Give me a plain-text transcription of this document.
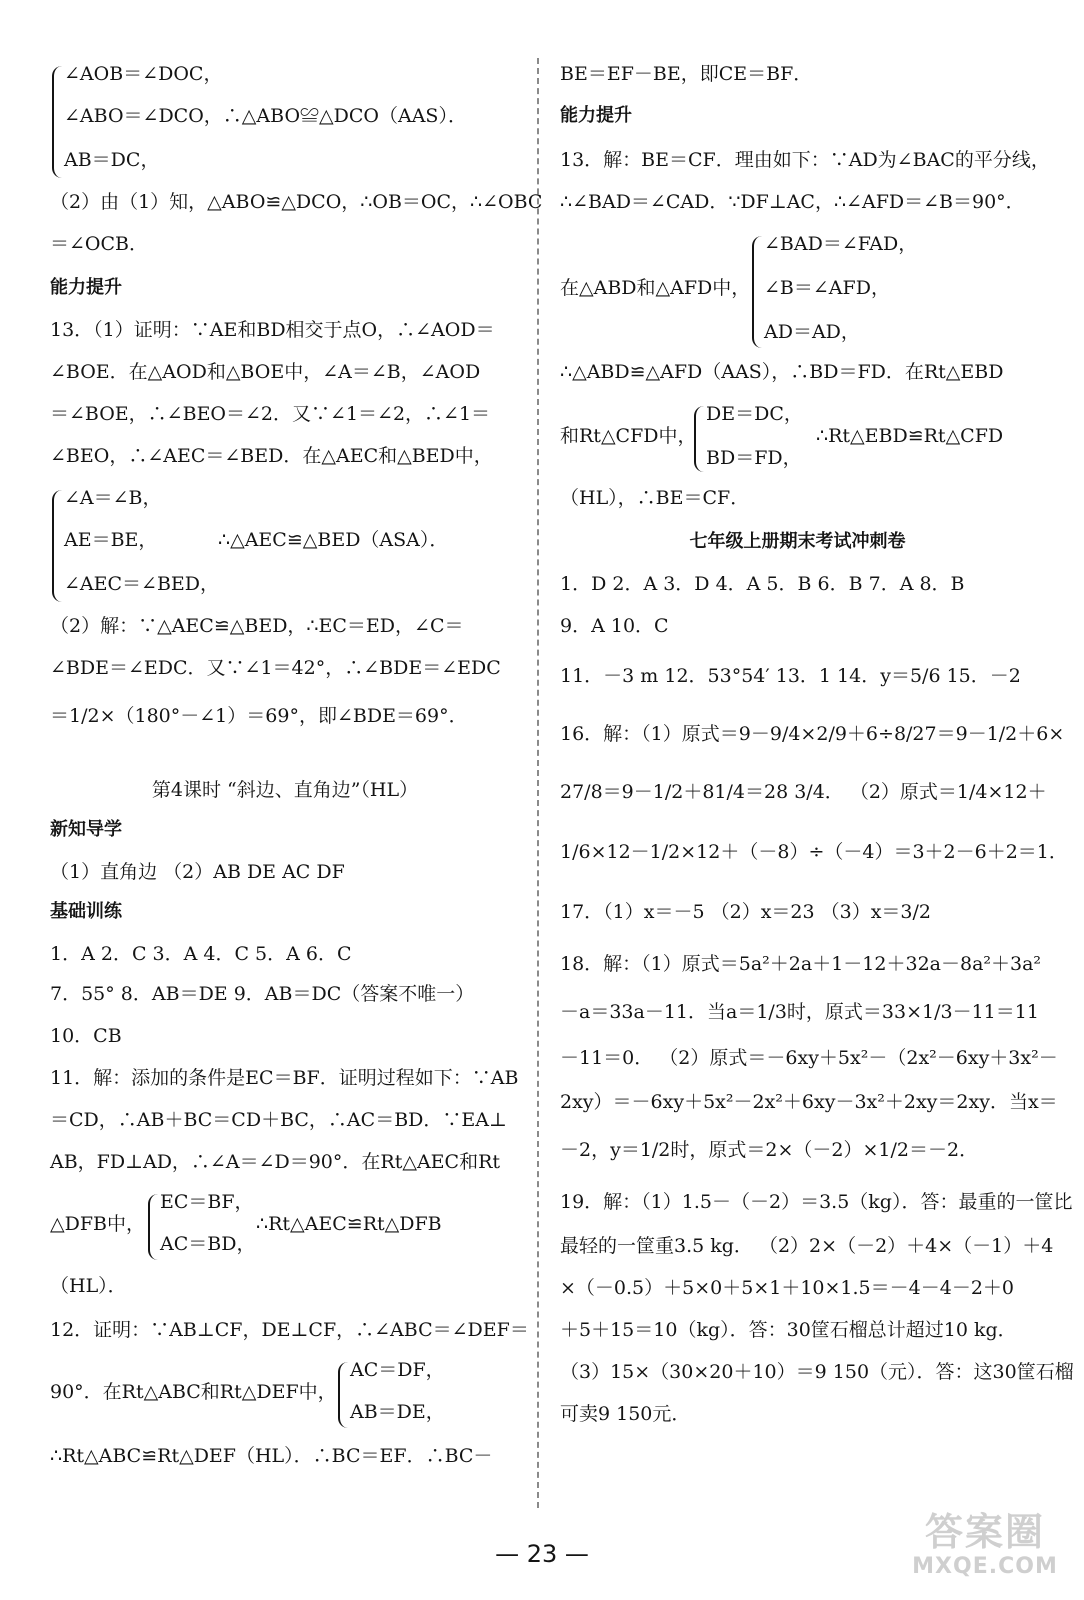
∠AOB＝∠DOC，
∠ABO＝∠DCO，∴△ABO≌△DCO（AAS）．
AB＝DC，
（2）由（1）知，△ABO≌△DCO，∴OB＝OC，∴∠OBC
＝∠OCB．
能力提升
13．（1）证明：∵AE和BD相交于点O，∴∠AOD＝
∠BOE．在△AOD和△BOE中，∠A＝∠B，∠AOD
＝∠BOE，∴∠BEO＝∠2．又∵∠1＝∠2，∴∠1＝
∠BEO，∴∠AEC＝∠BED．在△AEC和△BED中，
∠A＝∠B，
AE＝BE，
∠AEC＝∠BED，
∴△AEC≌△BED（ASA）．
（2）解：∵△AEC≌△BED，∴EC＝ED，∠C＝
∠BDE＝∠EDC．又∵∠1＝42°，∴∠BDE＝∠EDC
＝1/2×（180°－∠1）＝69°，即∠BDE＝69°．
第4课时 “斜边、直角边”（HL）
新知导学
（1）直角边 （2）AB DE AC DF
基础训练
1．A 2．C 3．A 4．C 5．A 6．C
7．55° 8．AB＝DE 9．AB＝DC（答案不唯一）
10．CB
11．解：添加的条件是EC＝BF．证明过程如下：∵AB
＝CD，∴AB＋BC＝CD＋BC，∴AC＝BD．∵EA⊥
AB，FD⊥AD，∴∠A＝∠D＝90°．在Rt△AEC和Rt
△DFB中，
EC＝BF，
AC＝BD，
∴Rt△AEC≌Rt△DFB
（HL）．
12．证明：∵AB⊥CF，DE⊥CF，∴∠ABC＝∠DEF＝
90°．在Rt△ABC和Rt△DEF中，
AC＝DF，
AB＝DE，
∴Rt△ABC≌Rt△DEF（HL）．∴BC＝EF．∴BC－
BE＝EF－BE，即CE＝BF．
能力提升
13．解：BE＝CF．理由如下：∵AD为∠BAC的平分线，
∴∠BAD＝∠CAD．∵DF⊥AC，∴∠AFD＝∠B＝90°．
在△ABD和△AFD中，
∠BAD＝∠FAD，
∠B＝∠AFD，
AD＝AD，
∴△ABD≌△AFD（AAS），∴BD＝FD．在Rt△EBD
和Rt△CFD中，
DE＝DC，
BD＝FD，
∴Rt△EBD≌Rt△CFD
（HL），∴BE＝CF．
七年级上册期末考试冲刺卷
1．D 2．A 3．D 4．A 5．B 6．B 7．A 8．B
9．A 10．C
11．－3 m 12．53°54′ 13．1 14．y＝5/6 15．－2
16．解：（1）原式＝9－9/4×2/9＋6÷8/27＝9－1/2＋6×
27/8＝9－1/2＋81/4＝28 3/4． （2）原式＝1/4×12＋
1/6×12－1/2×12＋（－8）÷（－4）＝3＋2－6＋2＝1．
17．（1）x＝－5 （2）x＝23 （3）x＝3/2
18．解：（1）原式＝5a²＋2a＋1－12＋32a－8a²＋3a²
－a＝33a－11．当a＝1/3时，原式＝33×1/3－11＝11
－11＝0． （2）原式＝－6xy＋5x²－（2x²－6xy＋3x²－
2xy）＝－6xy＋5x²－2x²＋6xy－3x²＋2xy＝2xy．当x＝
－2，y＝1/2时，原式＝2×（－2）×1/2＝－2．
19．解：（1）1.5－（－2）＝3.5（kg）．答：最重的一筐比
最轻的一筐重3.5 kg． （2）2×（－2）＋4×（－1）＋4
×（－0.5）＋5×0＋5×1＋10×1.5＝－4－4－2＋0
＋5＋15＝10（kg）．答：30筐石榴总计超过10 kg．
（3）15×（30×20＋10）＝9 150（元）．答：这30筐石榴
可卖9 150元．
— 23 —	答案圈
MXQE.COM
